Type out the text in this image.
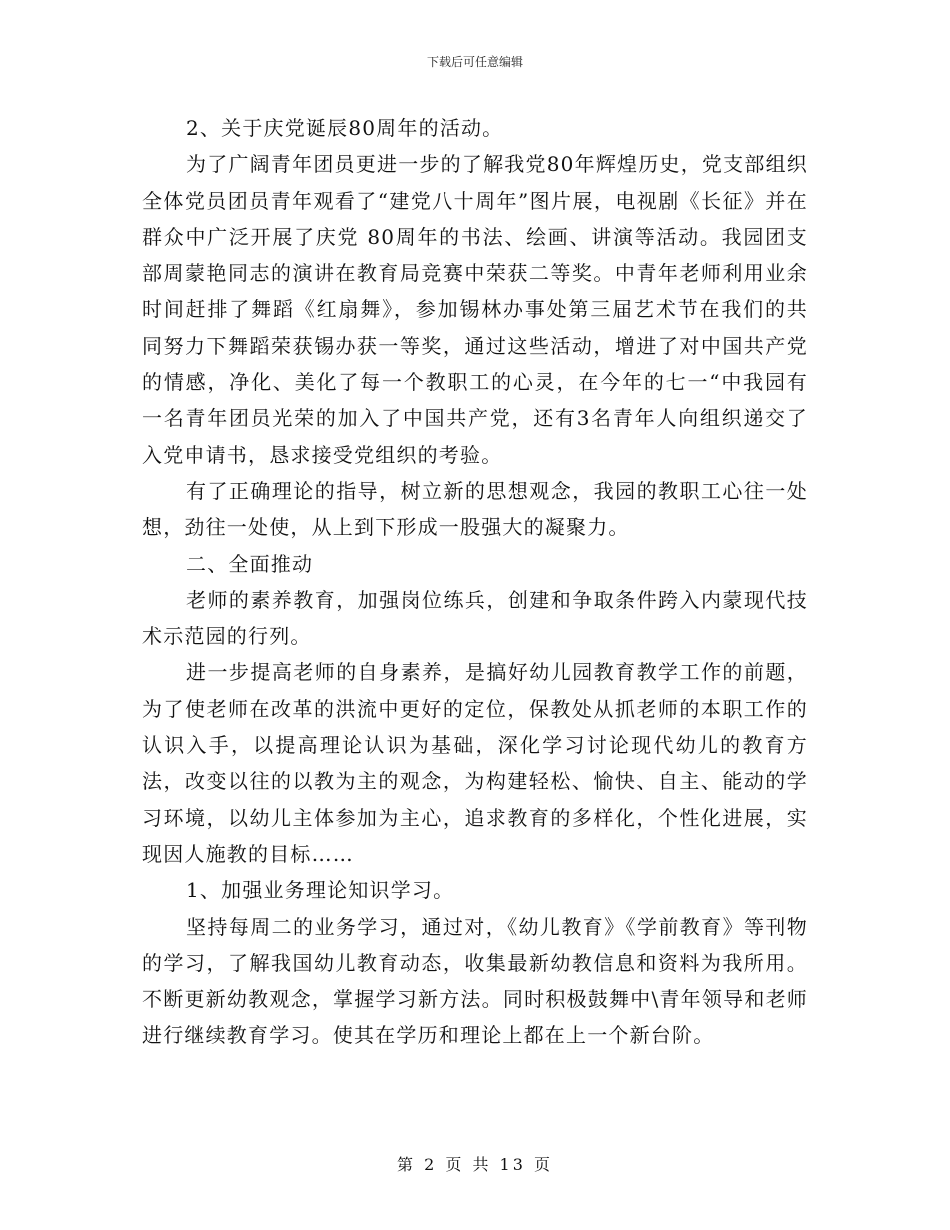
下载后可任意编辑

2、关于庆党诞辰80周年的活动。

为了广阔青年团员更进一步的了解我党80年辉煌历史，党支部组织全体党员团员青年观看了“建党八十周年”图片展，电视剧《长征》并在群众中广泛开展了庆党 80周年的书法、绘画、讲演等活动。我园团支部周蒙艳同志的演讲在教育局竞赛中荣获二等奖。中青年老师利用业余时间赶排了舞蹈《红扇舞》，参加锡林办事处第三届艺术节在我们的共同努力下舞蹈荣获锡办获一等奖，通过这些活动，增进了对中国共产党的情感，净化、美化了每一个教职工的心灵，在今年的七一“中我园有一名青年团员光荣的加入了中国共产党，还有3名青年人向组织递交了入党申请书，恳求接受党组织的考验。

有了正确理论的指导，树立新的思想观念，我园的教职工心往一处想，劲往一处使，从上到下形成一股强大的凝聚力。

二、全面推动

老师的素养教育，加强岗位练兵，创建和争取条件跨入内蒙现代技术示范园的行列。

进一步提高老师的自身素养，是搞好幼儿园教育教学工作的前题，为了使老师在改革的洪流中更好的定位，保教处从抓老师的本职工作的认识入手，以提高理论认识为基础，深化学习讨论现代幼儿的教育方法，改变以往的以教为主的观念，为构建轻松、愉快、自主、能动的学习环境，以幼儿主体参加为主心，追求教育的多样化，个性化进展，实现因人施教的目标……

1、加强业务理论知识学习。

坚持每周二的业务学习，通过对，《幼儿教育》《学前教育》等刊物的学习，了解我国幼儿教育动态，收集最新幼教信息和资料为我所用。不断更新幼教观念，掌握学习新方法。同时积极鼓舞中\青年领导和老师进行继续教育学习。使其在学历和理论上都在上一个新台阶。

第 2 页 共 13 页
